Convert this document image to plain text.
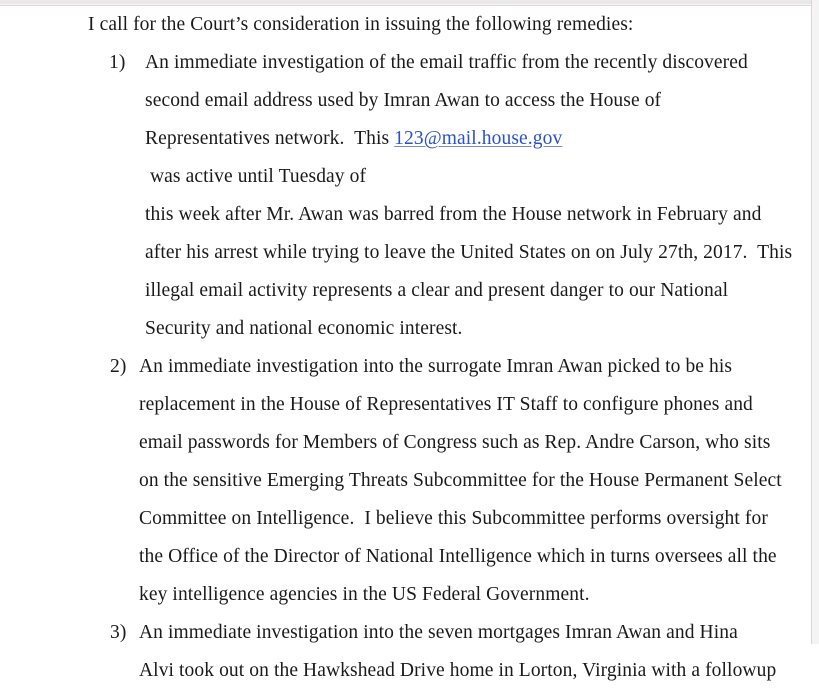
I call for the Court’s consideration in issuing the following remedies:

1)	An immediate investigation of the email traffic from the recently discovered
second email address used by Imran Awan to access the House of
Representatives network.  This 123@mail.house.gov
was active until Tuesday of
this week after Mr. Awan was barred from the House network in February and
after his arrest while trying to leave the United States on on July 27th, 2017.  This
illegal email activity represents a clear and present danger to our National
Security and national economic interest.
2) An immediate investigation into the surrogate Imran Awan picked to be his
replacement in the House of Representatives IT Staff to configure phones and
email passwords for Members of Congress such as Rep. Andre Carson, who sits
on the sensitive Emerging Threats Subcommittee for the House Permanent Select
Committee on Intelligence.  I believe this Subcommittee performs oversight for
the Office of the Director of National Intelligence which in turns oversees all the
key intelligence agencies in the US Federal Government.
3) An immediate investigation into the seven mortgages Imran Awan and Hina
Alvi took out on the Hawkshead Drive home in Lorton, Virginia with a followup
